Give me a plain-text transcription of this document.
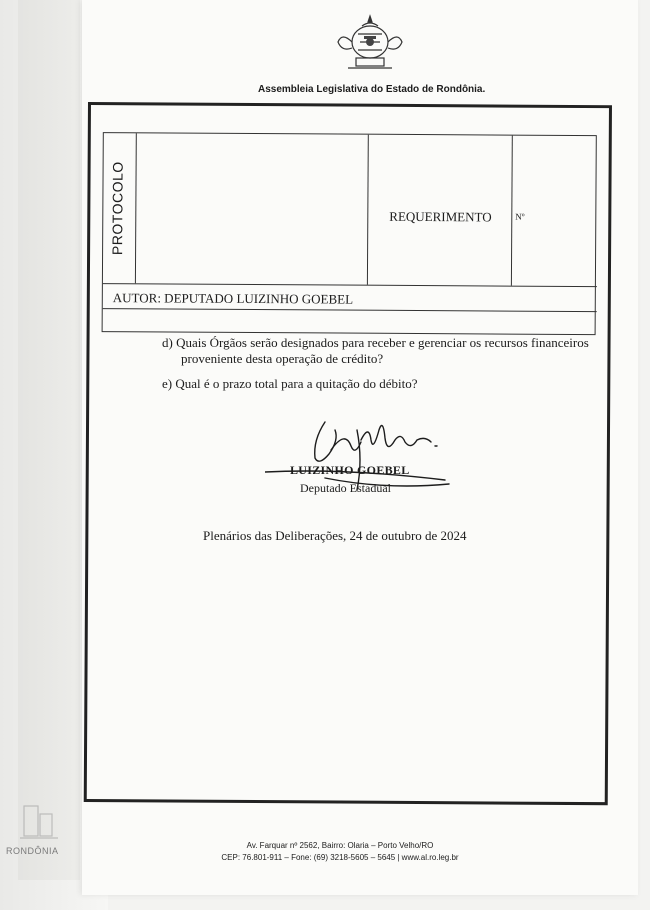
Assembleia Legislativa do Estado de Rondônia.
PROTOCOLO	REQUERIMENTO	Nº
AUTOR: DEPUTADO LUIZINHO GOEBEL
d) Quais Órgãos serão designados para receber e gerenciar os recursos financeiros
proveniente desta operação de crédito?
e) Qual é o prazo total para a quitação do débito?
LUIZINHO GOEBEL
Deputado Estadual
Plenários das Deliberações, 24 de outubro de 2024
Av. Farquar nº 2562, Bairro: Olaria – Porto Velho/RO
CEP: 76.801-911 – Fone: (69) 3218-5605 – 5645 | www.al.ro.leg.br
RONDÔNIA
